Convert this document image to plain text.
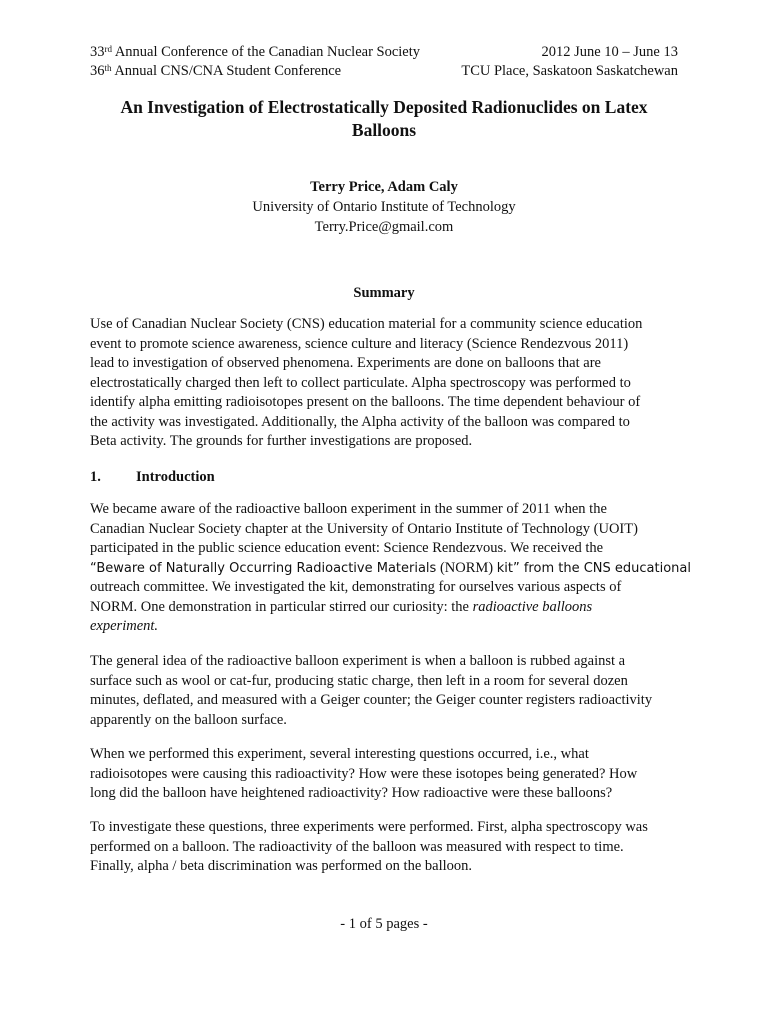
33rd Annual Conference of the Canadian Nuclear Society	2012 June 10 – June 13
36th Annual CNS/CNA Student Conference	TCU Place, Saskatoon Saskatchewan
An Investigation of Electrostatically Deposited Radionuclides on Latex
Balloons
Terry Price, Adam Caly
University of Ontario Institute of Technology
Terry.Price@gmail.com
Summary
Use of Canadian Nuclear Society (CNS) education material for a community science education
event to promote science awareness, science culture and literacy (Science Rendezvous 2011)
lead to investigation of observed phenomena. Experiments are done on balloons that are
electrostatically charged then left to collect particulate. Alpha spectroscopy was performed to
identify alpha emitting radioisotopes present on the balloons. The time dependent behaviour of
the activity was investigated. Additionally, the Alpha activity of the balloon was compared to
Beta activity. The grounds for further investigations are proposed.
1. Introduction
We became aware of the radioactive balloon experiment in the summer of 2011 when the
Canadian Nuclear Society chapter at the University of Ontario Institute of Technology (UOIT)
participated in the public science education event: Science Rendezvous. We received the
“Beware of Naturally Occurring Radioactive Materials (NORM) kit” from the CNS educational
outreach committee. We investigated the kit, demonstrating for ourselves various aspects of
NORM. One demonstration in particular stirred our curiosity: the radioactive balloons
experiment.
The general idea of the radioactive balloon experiment is when a balloon is rubbed against a
surface such as wool or cat-fur, producing static charge, then left in a room for several dozen
minutes, deflated, and measured with a Geiger counter; the Geiger counter registers radioactivity
apparently on the balloon surface.
When we performed this experiment, several interesting questions occurred, i.e., what
radioisotopes were causing this radioactivity? How were these isotopes being generated? How
long did the balloon have heightened radioactivity? How radioactive were these balloons?
To investigate these questions, three experiments were performed. First, alpha spectroscopy was
performed on a balloon. The radioactivity of the balloon was measured with respect to time.
Finally, alpha / beta discrimination was performed on the balloon.
- 1 of 5 pages -
